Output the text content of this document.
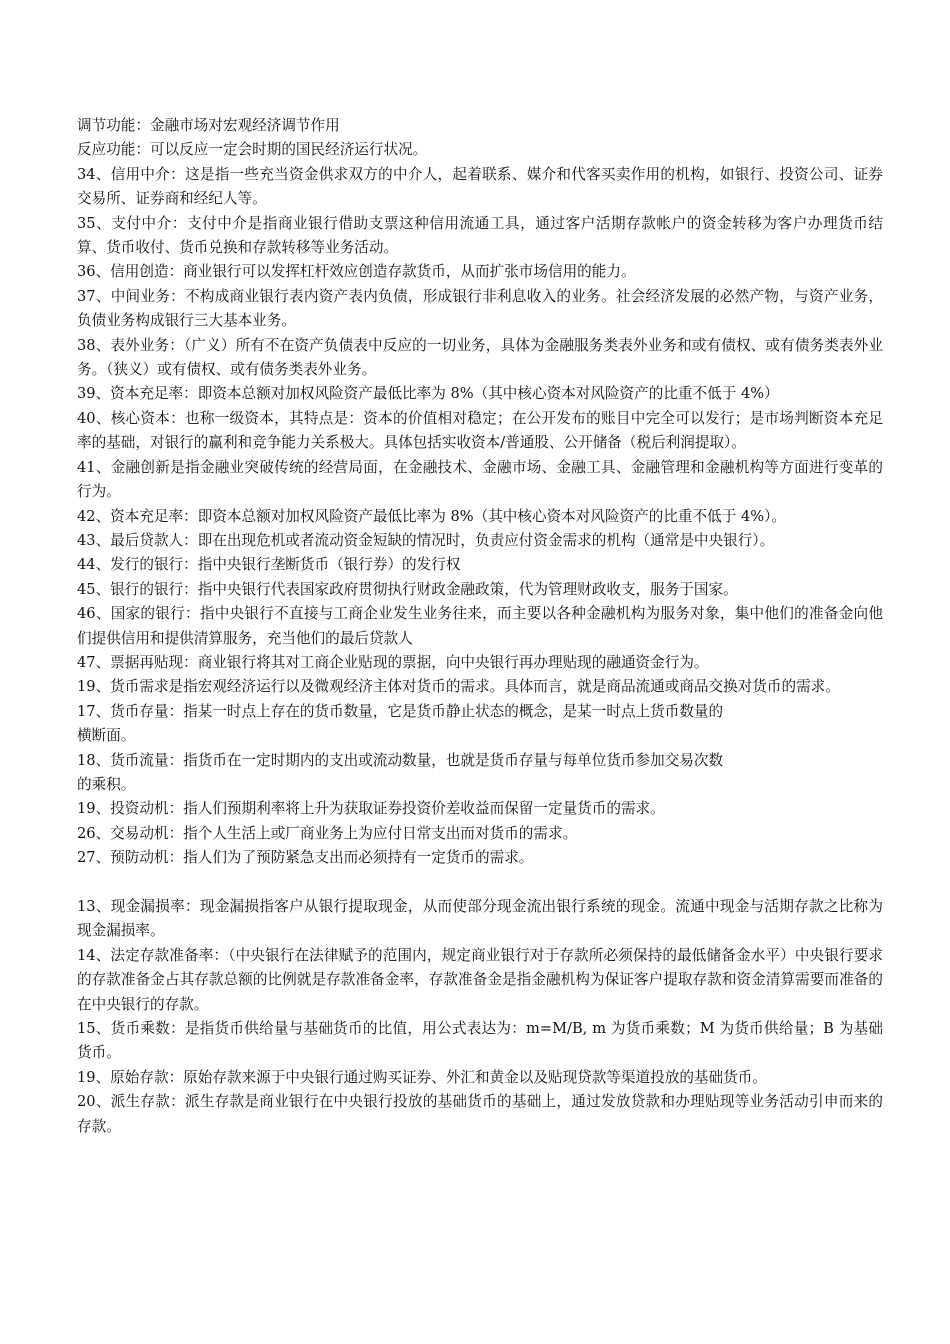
调节功能：金融市场对宏观经济调节作用

反应功能：可以反应一定会时期的国民经济运行状况。

34、信用中介：这是指一些充当资金供求双方的中介人，起着联系、媒介和代客买卖作用的机构，如银行、投资公司、证券交易所、证券商和经纪人等。

35、支付中介：支付中介是指商业银行借助支票这种信用流通工具，通过客户活期存款帐户的资金转移为客户办理货币结算、货币收付、货币兑换和存款转移等业务活动。

36、信用创造：商业银行可以发挥杠杆效应创造存款货币，从而扩张市场信用的能力。

37、中间业务：不构成商业银行表内资产表内负债，形成银行非利息收入的业务。社会经济发展的必然产物，与资产业务，负债业务构成银行三大基本业务。

38、表外业务：（广义）所有不在资产负债表中反应的一切业务，具体为金融服务类表外业务和或有债权、或有债务类表外业务。（狭义）或有债权、或有债务类表外业务。

39、资本充足率：即资本总额对加权风险资产最低比率为 8%（其中核心资本对风险资产的比重不低于 4%）

40、核心资本：也称一级资本，其特点是：资本的价值相对稳定；在公开发布的账目中完全可以发行；是市场判断资本充足率的基础，对银行的赢利和竞争能力关系极大。具体包括实收资本/普通股、公开储备（税后利润提取）。

41、金融创新是指金融业突破传统的经营局面，在金融技术、金融市场、金融工具、金融管理和金融机构等方面进行变革的行为。

42、资本充足率：即资本总额对加权风险资产最低比率为 8%（其中核心资本对风险资产的比重不低于 4%）。

43、最后贷款人：即在出现危机或者流动资金短缺的情况时，负责应付资金需求的机构（通常是中央银行）。

44、发行的银行：指中央银行垄断货币（银行券）的发行权

45、银行的银行：指中央银行代表国家政府贯彻执行财政金融政策，代为管理财政收支，服务于国家。

46、国家的银行：指中央银行不直接与工商企业发生业务往来，而主要以各种金融机构为服务对象，集中他们的准备金向他们提供信用和提供清算服务，充当他们的最后贷款人

47、票据再贴现：商业银行将其对工商企业贴现的票据，向中央银行再办理贴现的融通资金行为。

19、货币需求是指宏观经济运行以及微观经济主体对货币的需求。具体而言，就是商品流通或商品交换对货币的需求。

17、货币存量：指某一时点上存在的货币数量，它是货币静止状态的概念，是某一时点上货币数量的
横断面。

18、货币流量：指货币在一定时期内的支出或流动数量，也就是货币存量与每单位货币参加交易次数
的乘积。

19、投资动机：指人们预期利率将上升为获取证券投资价差收益而保留一定量货币的需求。

26、交易动机：指个人生活上或厂商业务上为应付日常支出而对货币的需求。

27、预防动机：指人们为了预防紧急支出而必须持有一定货币的需求。

13、现金漏损率：现金漏损指客户从银行提取现金，从而使部分现金流出银行系统的现金。流通中现金与活期存款之比称为现金漏损率。

14、法定存款准备率：（中央银行在法律赋予的范围内，规定商业银行对于存款所必须保持的最低储备金水平）中央银行要求的存款准备金占其存款总额的比例就是存款准备金率，存款准备金是指金融机构为保证客户提取存款和资金清算需要而准备的在中央银行的存款。

15、货币乘数：是指货币供给量与基础货币的比值，用公式表达为：m=M/B, m 为货币乘数；M 为货币供给量；B 为基础货币。

19、原始存款：原始存款来源于中央银行通过购买证券、外汇和黄金以及贴现贷款等渠道投放的基础货币。

20、派生存款：派生存款是商业银行在中央银行投放的基础货币的基础上，通过发放贷款和办理贴现等业务活动引申而来的存款。
